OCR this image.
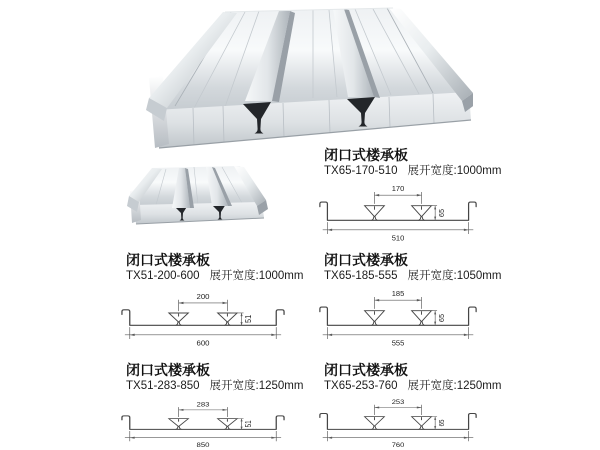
闭口式楼承板

TX65-170-510 展开宽度:1000mm

170
65
510
闭口式楼承板

TX51-200-600 展开宽度:1000mm

200
51
600
闭口式楼承板

TX65-185-555 展开宽度:1050mm

185
65
555
闭口式楼承板

TX51-283-850 展开宽度:1250mm

283
51
850
闭口式楼承板

TX65-253-760 展开宽度:1250mm

253
65
760
